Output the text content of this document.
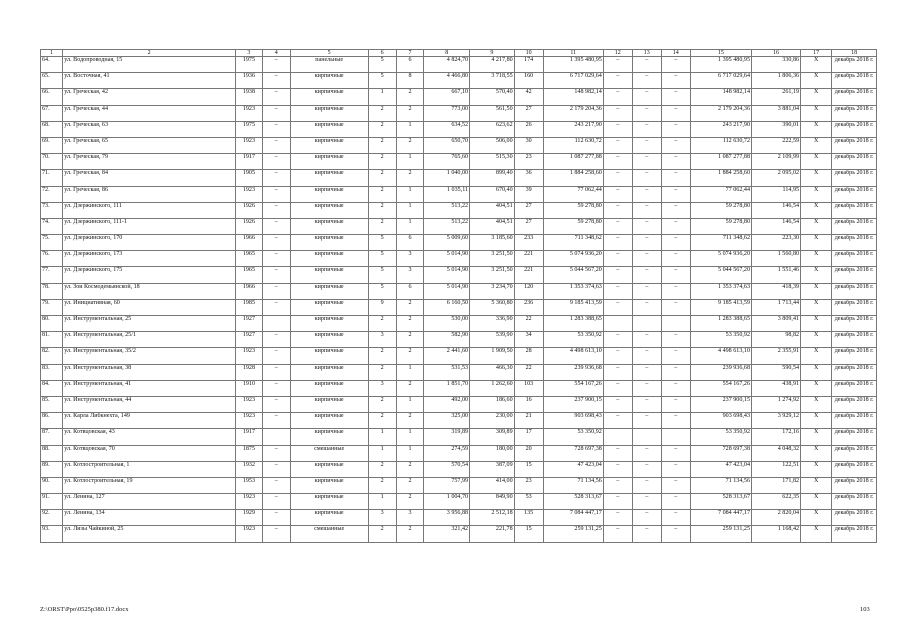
1	2	3	4	5	6	7	8	9	10	11	12	13	14	15	16	17	18
64.	ул. Водопроводная, 15	1975	–	панельные	5	6	4 824,70	4 217,80	174	1 395 480,95	–	–	–	1 395 480,95	330,86	X	декабрь 2018 г.
65.	ул. Восточная, 41	1936	–	кирпичные	5	8	4 466,80	3 718,55	160	6 717 029,64	–	–	–	6 717 029,64	1 806,36	X	декабрь 2018 г.
66.	ул. Греческая, 42	1938	–	кирпичные	1	2	667,10	570,40	42	148 982,14	–	–	–	148 982,14	261,19	X	декабрь 2018 г.
67.	ул. Греческая, 44	1923	–	кирпичные	2	2	773,00	561,50	27	2 179 204,36	–	–	–	2 179 204,36	3 881,04	X	декабрь 2018 г.
68.	ул. Греческая, 63	1975	–	кирпичные	2	1	634,52	623,62	26	243 217,90	–	–	–	243 217,90	390,01	X	декабрь 2018 г.
69.	ул. Греческая, 65	1923	–	кирпичные	2	2	650,70	506,00	30	112 630,72	–	–	–	112 630,72	222,59	X	декабрь 2018 г.
70.	ул. Греческая, 79	1917	–	кирпичные	2	1	765,60	515,30	23	1 087 277,88	–	–	–	1 087 277,88	2 109,99	X	декабрь 2018 г.
71.	ул. Греческая, 84	1905	–	кирпичные	2	2	1 040,00	899,40	36	1 884 258,60	–	–	–	1 884 258,60	2 095,02	X	декабрь 2018 г.
72.	ул. Греческая, 86	1923	–	кирпичные	2	1	1 035,11	670,40	39	77 062,44	–	–	–	77 062,44	114,95	X	декабрь 2018 г.
73.	ул. Дзержинского, 111	1926	–	кирпичные	2	1	513,22	404,51	27	59 278,80	–	–	–	59 278,80	146,54	X	декабрь 2018 г.
74.	ул. Дзержинского, 111-1	1926	–	кирпичные	2	1	513,22	404,51	27	59 278,80	–	–	–	59 278,80	146,54	X	декабрь 2018 г.
75.	ул. Дзержинского, 170	1966	–	кирпичные	5	6	5 009,60	3 185,60	233	711 348,62	–	–	–	711 348,62	223,30	X	декабрь 2018 г.
76.	ул. Дзержинского, 173	1965	–	кирпичные	5	3	5 014,90	3 251,50	221	5 074 936,20	–	–	–	5 074 936,20	1 560,80	X	декабрь 2018 г.
77.	ул. Дзержинского, 175	1965	–	кирпичные	5	3	5 014,90	3 251,50	221	5 044 567,20	–	–	–	5 044 567,20	1 551,46	X	декабрь 2018 г.
78.	ул. Зои Космодемьянской, 18	1966	–	кирпичные	5	6	5 014,90	3 234,70	120	1 353 374,63	–	–	–	1 353 374,63	418,39	X	декабрь 2018 г.
79.	ул. Инициативная, 60	1985	–	кирпичные	9	2	6 160,50	5 360,80	236	9 185 413,59	–	–	–	9 185 413,59	1 713,44	X	декабрь 2018 г.
80.	ул. Инструментальная, 25	1927		кирпичные	2	2	530,00	336,90	22	1 283 388,65				1 283 388,65	3 809,41	X	декабрь 2018 г.
81.	ул. Инструментальная, 25/1	1927	–	кирпичные	3	2	582,90	539,90	34	53 350,92	–	–	–	53 350,92	98,82	X	декабрь 2018 г.
82.	ул. Инструментальная, 35/2	1923	–	кирпичные	2	2	2 441,60	1 909,50	28	4 498 613,10	–	–	–	4 498 613,10	2 355,91	X	декабрь 2018 г.
83.	ул. Инструментальная, 38	1928	–	кирпичные	2	1	531,53	466,30	22	239 936,68	–	–	–	239 936,68	590,54	X	декабрь 2018 г.
84.	ул. Инструментальная, 41	1910	–	кирпичные	3	2	1 851,70	1 262,60	103	554 167,26	–	–	–	554 167,26	438,91	X	декабрь 2018 г.
85.	ул. Инструментальная, 44	1923	–	кирпичные	2	1	492,00	186,60	16	237 900,15	–	–	–	237 900,15	1 274,92	X	декабрь 2018 г.
86.	ул. Карла Либкнехта, 149	1923	–	кирпичные	2	2	325,00	230,00	21	903 698,43	–	–	–	903 698,43	3 929,12	X	декабрь 2018 г.
87.	ул. Котвцовская, 43	1917		кирпичные	1	1	319,89	309,89	17	53 350,92				53 350,92	172,16	X	декабрь 2018 г.
88.	ул. Котвцовская, 70	1875	–	смешанные	1	1	274,59	180,00	20	728 697,38	–	–	–	728 697,38	4 048,32	X	декабрь 2018 г.
89.	ул. Котлостроительная, 1	1932	–	кирпичные	2	2	570,54	387,09	15	47 423,04	–	–	–	47 423,04	122,51	X	декабрь 2018 г.
90.	ул. Котлостроительная, 19	1953	–	кирпичные	2	2	757,99	414,00	23	71 134,56	–	–	–	71 134,56	171,82	X	декабрь 2018 г.
91.	ул. Ленина, 127	1923	–	кирпичные	1	2	1 004,70	849,90	53	528 313,67	–	–	–	528 313,67	622,35	X	декабрь 2018 г.
92.	ул. Ленина, 134	1929	–	кирпичные	3	3	3 956,88	2 512,18	135	7 084 447,17	–	–	–	7 084 447,17	2 820,04	X	декабрь 2018 г.
93.	ул. Лизы Чайкиной, 25	1923	–	смешанные	2	2	321,42	221,78	15	259 131,25	–	–	–	259 131,25	1 168,42	X	декабрь 2018 г.
Z:\ORST\Ppo\0525p380.f17.docx	103
